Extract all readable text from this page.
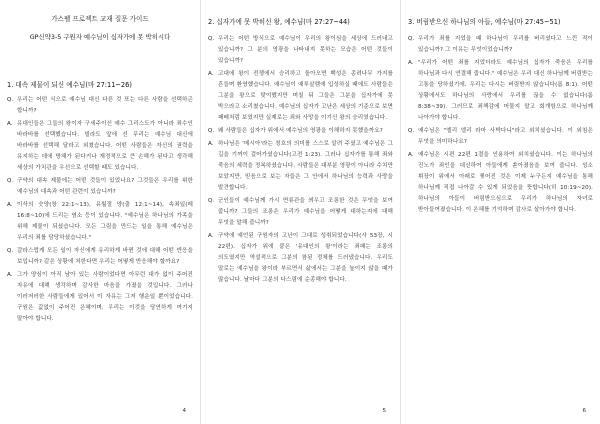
가스펠 프로젝트 교재 질문 가이드
GP신약3-5 구원자 예수님이 십자가에 못 박히시다
1. 대속 제물이 되신 예수님(마 27:11~26)
Q. 우리는 어떤 식으로 예수님 대신 다른 것 또는 다른 사람을 선택하곤 합니까?
A. 유대인들은 그들의 왕이자 구세주이신 예수 그리스도가 아니라 죄수인 바라바를 선택했습니다. 빌라도 앞에 선 무리는 예수님 대신에 바라바를 선택해 달라고 외쳤습니다. 어떤 사람들은 자신의 권력을 유지하는 데에 방해가 된다거나 재정적으로 큰 손해가 된다고 생각해 세상의 가치관을 우선으로 선택할 때도 있습니다.
Q. 구약의 대속 제물에는 어떤 것들이 있었나요? 그것들은 우리를 위한 예수님의 대속과 어떤 관련이 있습니까?
A. 이삭의 숫양(창 22:1~13), 유월절 양(출 12:1~14), 속죄일(레 16:8~10)에 드리는 염소 등이 있습니다. "예수님은 하나님의 가족을 위해 제물이 되셨습니다. 모든 그림을 만드는 일을 통해 예수님은 우리의 죄를 담당하셨습니다."
Q. 갈라스럽게 모든 일이 자신에게 유리하게 바뀐 것에 대해 어떤 반응을 보입니까? 같은 상황에 처한다면 우리는 어떻게 반응해야 할까요?
A. 그가 양심이 아직 남아 있는 사람이었다면 아무런 대가 없이 주어진 자유에 대해 생각하며 감사한 마음을 가졌을 것입니다. 그러나 이러저러한 사람들에게 있어서 이 자유는 그저 행운일 뿐이었습니다. 구원은 값없이 주어진 은혜이며, 우리는 이것을 당연하게 여기지 말아야 합니다.
4
2. 십자가에 못 박히신 왕, 예수님(마 27:27~44)
Q. 우리는 어떤 방식으로 예수님이 우리의 왕이심을 세상에 드러내고 있습니까? 그 분의 영광을 나타내지 못하는 모습은 어떤 것들이 있습니까?
A. 고대에 왕이 전쟁에서 승리하고 돌아오면 백성은 종려나무 가지를 흔들며 환영했습니다. 예수님이 예루살렘에 입성하실 때에도 사람들은 그분을 왕으로 맞이했지만 며칠 뒤 그들은 그분을 십자가에 못 박으라고 소리쳤습니다. 예수님의 십자가 고난은 세상의 기준으로 보면 패배처럼 보였지만 실제로는 죄와 사망을 이기신 왕의 승리였습니다.
Q. 왜 사람들은 십자가 위에서 예수님의 영광을 이해하지 못했을까요?
A. 하나님은 '메시아'라는 칭호의 의미를 스스로 알려 주셨고 예수님은 그 길을 기꺼이 걸어가셨습니다(고전 1:23). 그러나 십자가를 통해 죄와 죽음의 세력을 정복하셨습니다. 사람들은 대부분 영광이 아니라 수치만 보았지만, 믿음으로 보는 자들은 그 안에서 하나님의 능력과 사랑을 발견합니다.
Q. 군인들이 예수님께 가시 면류관을 씌우고 조롱한 것은 무엇을 보여 줍니까? 그들의 조롱은 우리가 예수님을 어떻게 대하는지에 대해 무엇을 말해 줍니까?
A. 구약에 예언된 구원자의 고난이 그대로 성취되었습니다(사 53장, 시 22편). 십자가 위에 붙은 '유대인의 왕'이라는 죄패는 조롱의 의도였지만 역설적으로 그분의 참된 정체를 드러냈습니다. 우리도 말로는 예수님을 왕이라 부르면서 삶에서는 그분을 높이지 않을 때가 많습니다. 날마다 그분의 다스림에 순종해야 합니다.
5
3. 버림받으신 하나님의 아들, 예수님(마 27:45~51)
Q. 우리가 죄를 지었을 때 하나님이 우리를 버리셨다고 느낀 적이 있습니까? 그 이유는 무엇이었습니까?
A. "우리가 어떤 죄를 지었더라도 예수님의 십자가 죽음은 우리를 하나님과 다시 연결해 줍니다." 예수님은 우리 대신 하나님께 버림받는 고통을 당하셨기에, 우리는 다시는 버림받지 않습니다(롬 8:1). 어떤 상황에서도 하나님의 사랑에서 우리를 끊을 수 없습니다(롬 8:38~39). 그러므로 죄책감에 머물지 말고 회개함으로 하나님께 나아가야 합니다.
Q. 예수님은 "엘리 엘리 라마 사박다니"라고 외치셨습니다. 이 외침은 무엇을 의미하나요?
A. 예수님은 시편 22편 1절을 인용하여 외치셨습니다. 이는 하나님의 진노가 죄인을 대신하여 아들에게 쏟아졌음을 보여 줍니다. 성소 휘장이 위에서 아래로 찢어진 것은 이제 누구든지 예수님을 통해 하나님께 직접 나아갈 수 있게 되었음을 뜻합니다(히 10:19~20). 하나님의 아들이 버림받으심으로 우리가 하나님의 자녀로 받아들여졌습니다. 이 은혜를 기억하며 감사로 살아가야 합니다.
6
